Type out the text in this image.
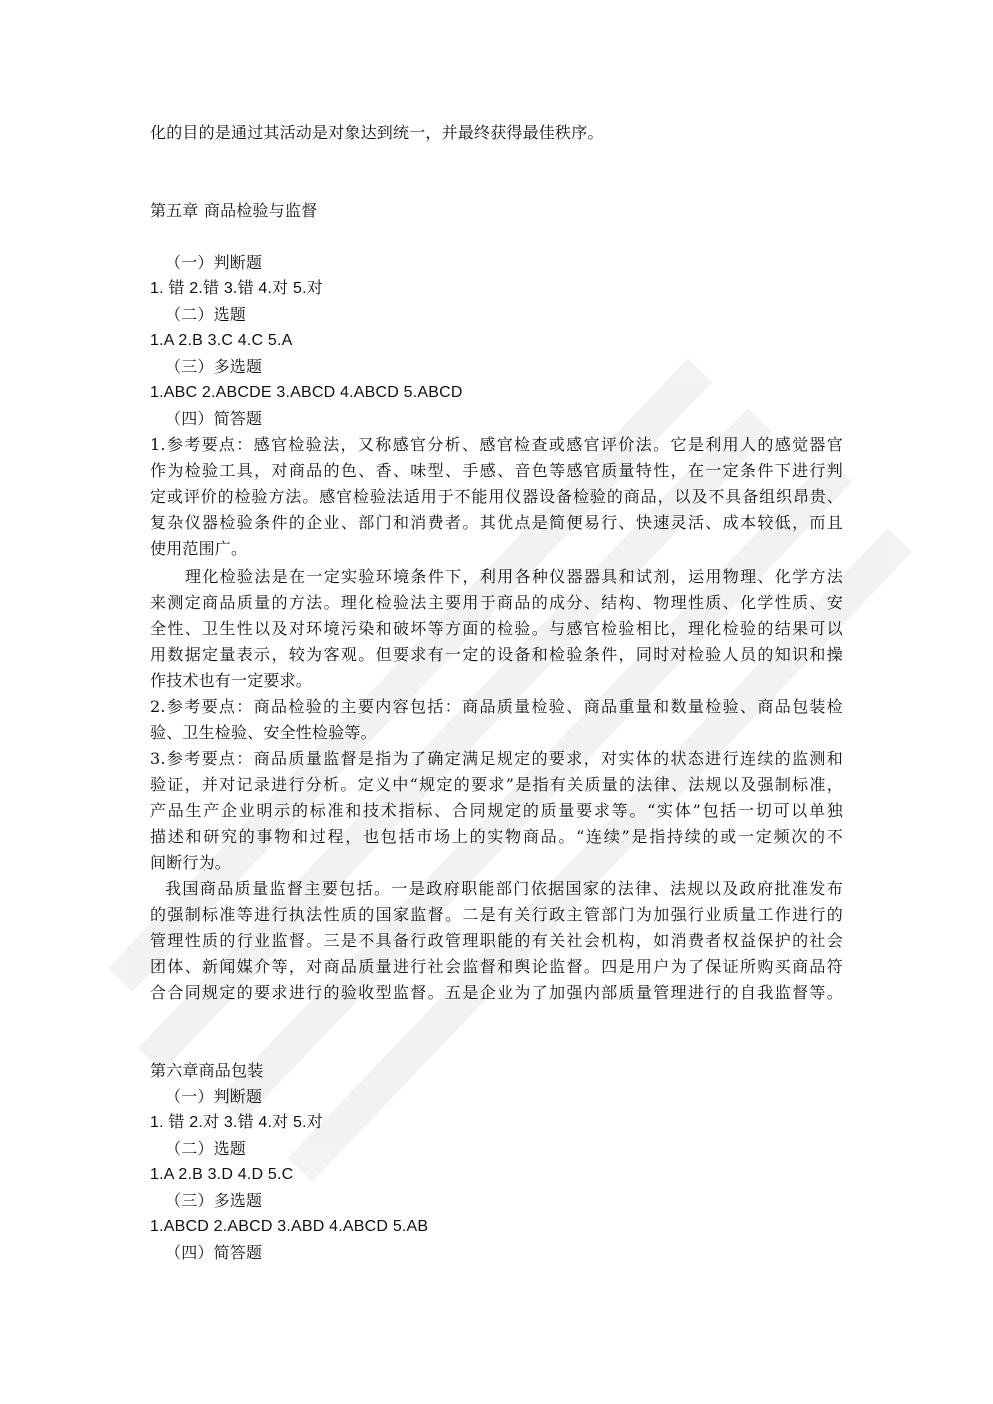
化的目的是通过其活动是对象达到统一，并最终获得最佳秩序。
第五章 商品检验与监督
（一）判断题
1. 错 2.错 3.错 4.对 5.对
（二）选题
1.A 2.B 3.C 4.C 5.A
（三）多选题
1.ABC 2.ABCDE 3.ABCD 4.ABCD 5.ABCD
（四）简答题
1.参考要点：感官检验法，又称感官分析、感官检查或感官评价法。它是利用人的感觉器官
作为检验工具，对商品的色、香、味型、手感、音色等感官质量特性，在一定条件下进行判
定或评价的检验方法。感官检验法适用于不能用仪器设备检验的商品，以及不具备组织昂贵、
复杂仪器检验条件的企业、部门和消费者。其优点是简便易行、快速灵活、成本较低，而且
使用范围广。
理化检验法是在一定实验环境条件下，利用各种仪器器具和试剂，运用物理、化学方法
来测定商品质量的方法。理化检验法主要用于商品的成分、结构、物理性质、化学性质、安
全性、卫生性以及对环境污染和破坏等方面的检验。与感官检验相比，理化检验的结果可以
用数据定量表示，较为客观。但要求有一定的设备和检验条件，同时对检验人员的知识和操
作技术也有一定要求。
2.参考要点：商品检验的主要内容包括：商品质量检验、商品重量和数量检验、商品包装检
验、卫生检验、安全性检验等。
3.参考要点：商品质量监督是指为了确定满足规定的要求，对实体的状态进行连续的监测和
验证，并对记录进行分析。定义中“规定的要求”是指有关质量的法律、法规以及强制标准，
产品生产企业明示的标准和技术指标、合同规定的质量要求等。“实体”包括一切可以单独
描述和研究的事物和过程，也包括市场上的实物商品。“连续”是指持续的或一定频次的不
间断行为。
我国商品质量监督主要包括。一是政府职能部门依据国家的法律、法规以及政府批准发布
的强制标准等进行执法性质的国家监督。二是有关行政主管部门为加强行业质量工作进行的
管理性质的行业监督。三是不具备行政管理职能的有关社会机构，如消费者权益保护的社会
团体、新闻媒介等，对商品质量进行社会监督和舆论监督。四是用户为了保证所购买商品符
合合同规定的要求进行的验收型监督。五是企业为了加强内部质量管理进行的自我监督等。
第六章商品包装
（一）判断题
1. 错 2.对 3.错 4.对 5.对
（二）选题
1.A 2.B 3.D 4.D 5.C
（三）多选题
1.ABCD 2.ABCD 3.ABD 4.ABCD 5.AB
（四）简答题
